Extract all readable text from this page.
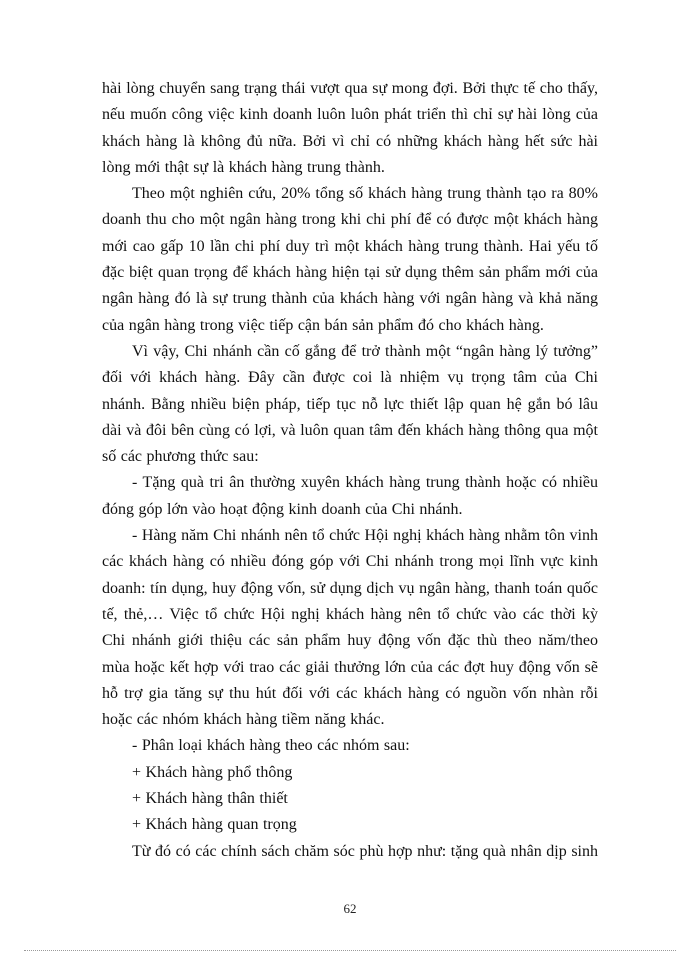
hài lòng chuyển sang trạng thái vượt qua sự mong đợi. Bởi thực tế cho thấy, nếu muốn công việc kinh doanh luôn luôn phát triển thì chỉ sự hài lòng của khách hàng là không đủ nữa. Bởi vì chỉ có những khách hàng hết sức hài lòng mới thật sự là khách hàng trung thành.

Theo một nghiên cứu, 20% tổng số khách hàng trung thành tạo ra 80% doanh thu cho một ngân hàng trong khi chi phí để có được một khách hàng mới cao gấp 10 lần chi phí duy trì một khách hàng trung thành. Hai yếu tố đặc biệt quan trọng để khách hàng hiện tại sử dụng thêm sản phẩm mới của ngân hàng đó là sự trung thành của khách hàng với ngân hàng và khả năng của ngân hàng trong việc tiếp cận bán sản phẩm đó cho khách hàng.

Vì vậy, Chi nhánh cần cố gắng để trở thành một “ngân hàng lý tưởng” đối với khách hàng. Đây cần được coi là nhiệm vụ trọng tâm của Chi nhánh. Bằng nhiều biện pháp, tiếp tục nỗ lực thiết lập quan hệ gắn bó lâu dài và đôi bên cùng có lợi, và luôn quan tâm đến khách hàng thông qua một số các phương thức sau:

- Tặng quà tri ân thường xuyên khách hàng trung thành hoặc có nhiều đóng góp lớn vào hoạt động kinh doanh của Chi nhánh.

- Hàng năm Chi nhánh nên tổ chức Hội nghị khách hàng nhằm tôn vinh các khách hàng có nhiều đóng góp với Chi nhánh trong mọi lĩnh vực kinh doanh: tín dụng, huy động vốn, sử dụng dịch vụ ngân hàng, thanh toán quốc tế, thẻ,… Việc tổ chức Hội nghị khách hàng nên tổ chức vào các thời kỳ Chi nhánh giới thiệu các sản phẩm huy động vốn đặc thù theo năm/theo mùa hoặc kết hợp với trao các giải thưởng lớn của các đợt huy động vốn sẽ hỗ trợ gia tăng sự thu hút đối với các khách hàng có nguồn vốn nhàn rỗi hoặc các nhóm khách hàng tiềm năng khác.

- Phân loại khách hàng theo các nhóm sau:

+ Khách hàng phổ thông

+ Khách hàng thân thiết

+ Khách hàng quan trọng

Từ đó có các chính sách chăm sóc phù hợp như: tặng quà nhân dịp sinh

62
